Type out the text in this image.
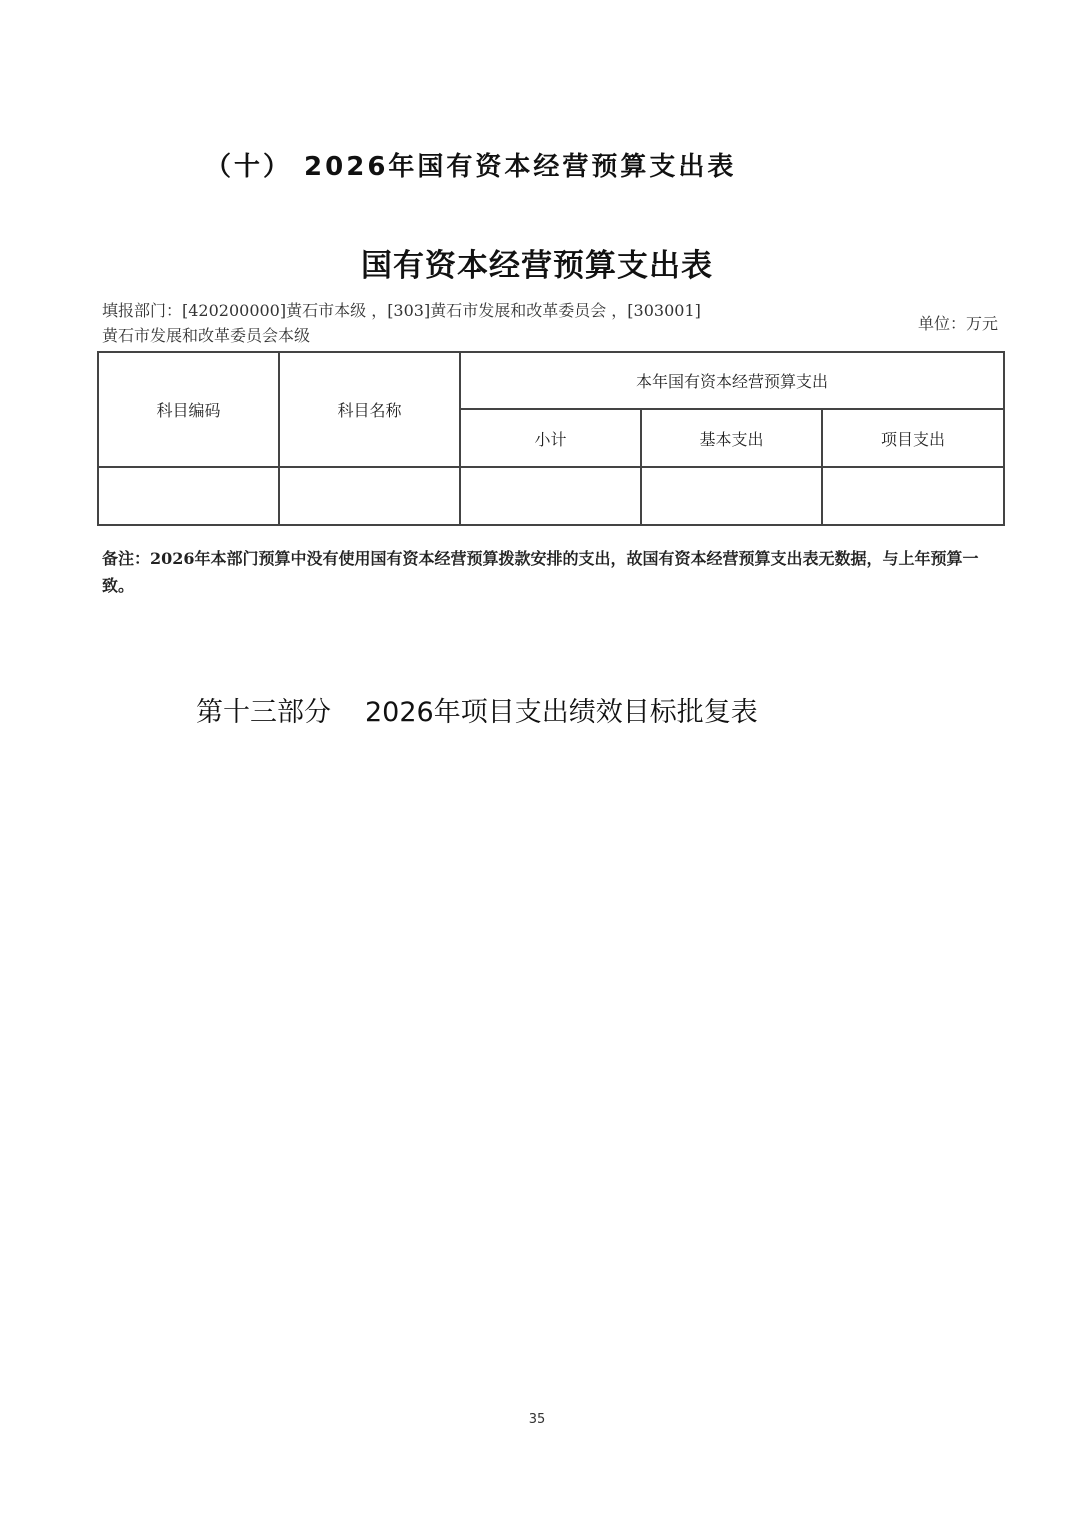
（十） 2026年国有资本经营预算支出表
国有资本经营预算支出表
填报部门：[420200000]黄石市本级 ，[303]黄石市发展和改革委员会 ，[303001]
黄石市发展和改革委员会本级
单位：万元
科目编码	科目名称	本年国有资本经营预算支出		
		小计	基本支出	项目支出

备注：2026年本部门预算中没有使用国有资本经营预算拨款安排的支出，故国有资本经营预算支出表无数据，与上年预算一致。
第十三部分 2026年项目支出绩效目标批复表
35
